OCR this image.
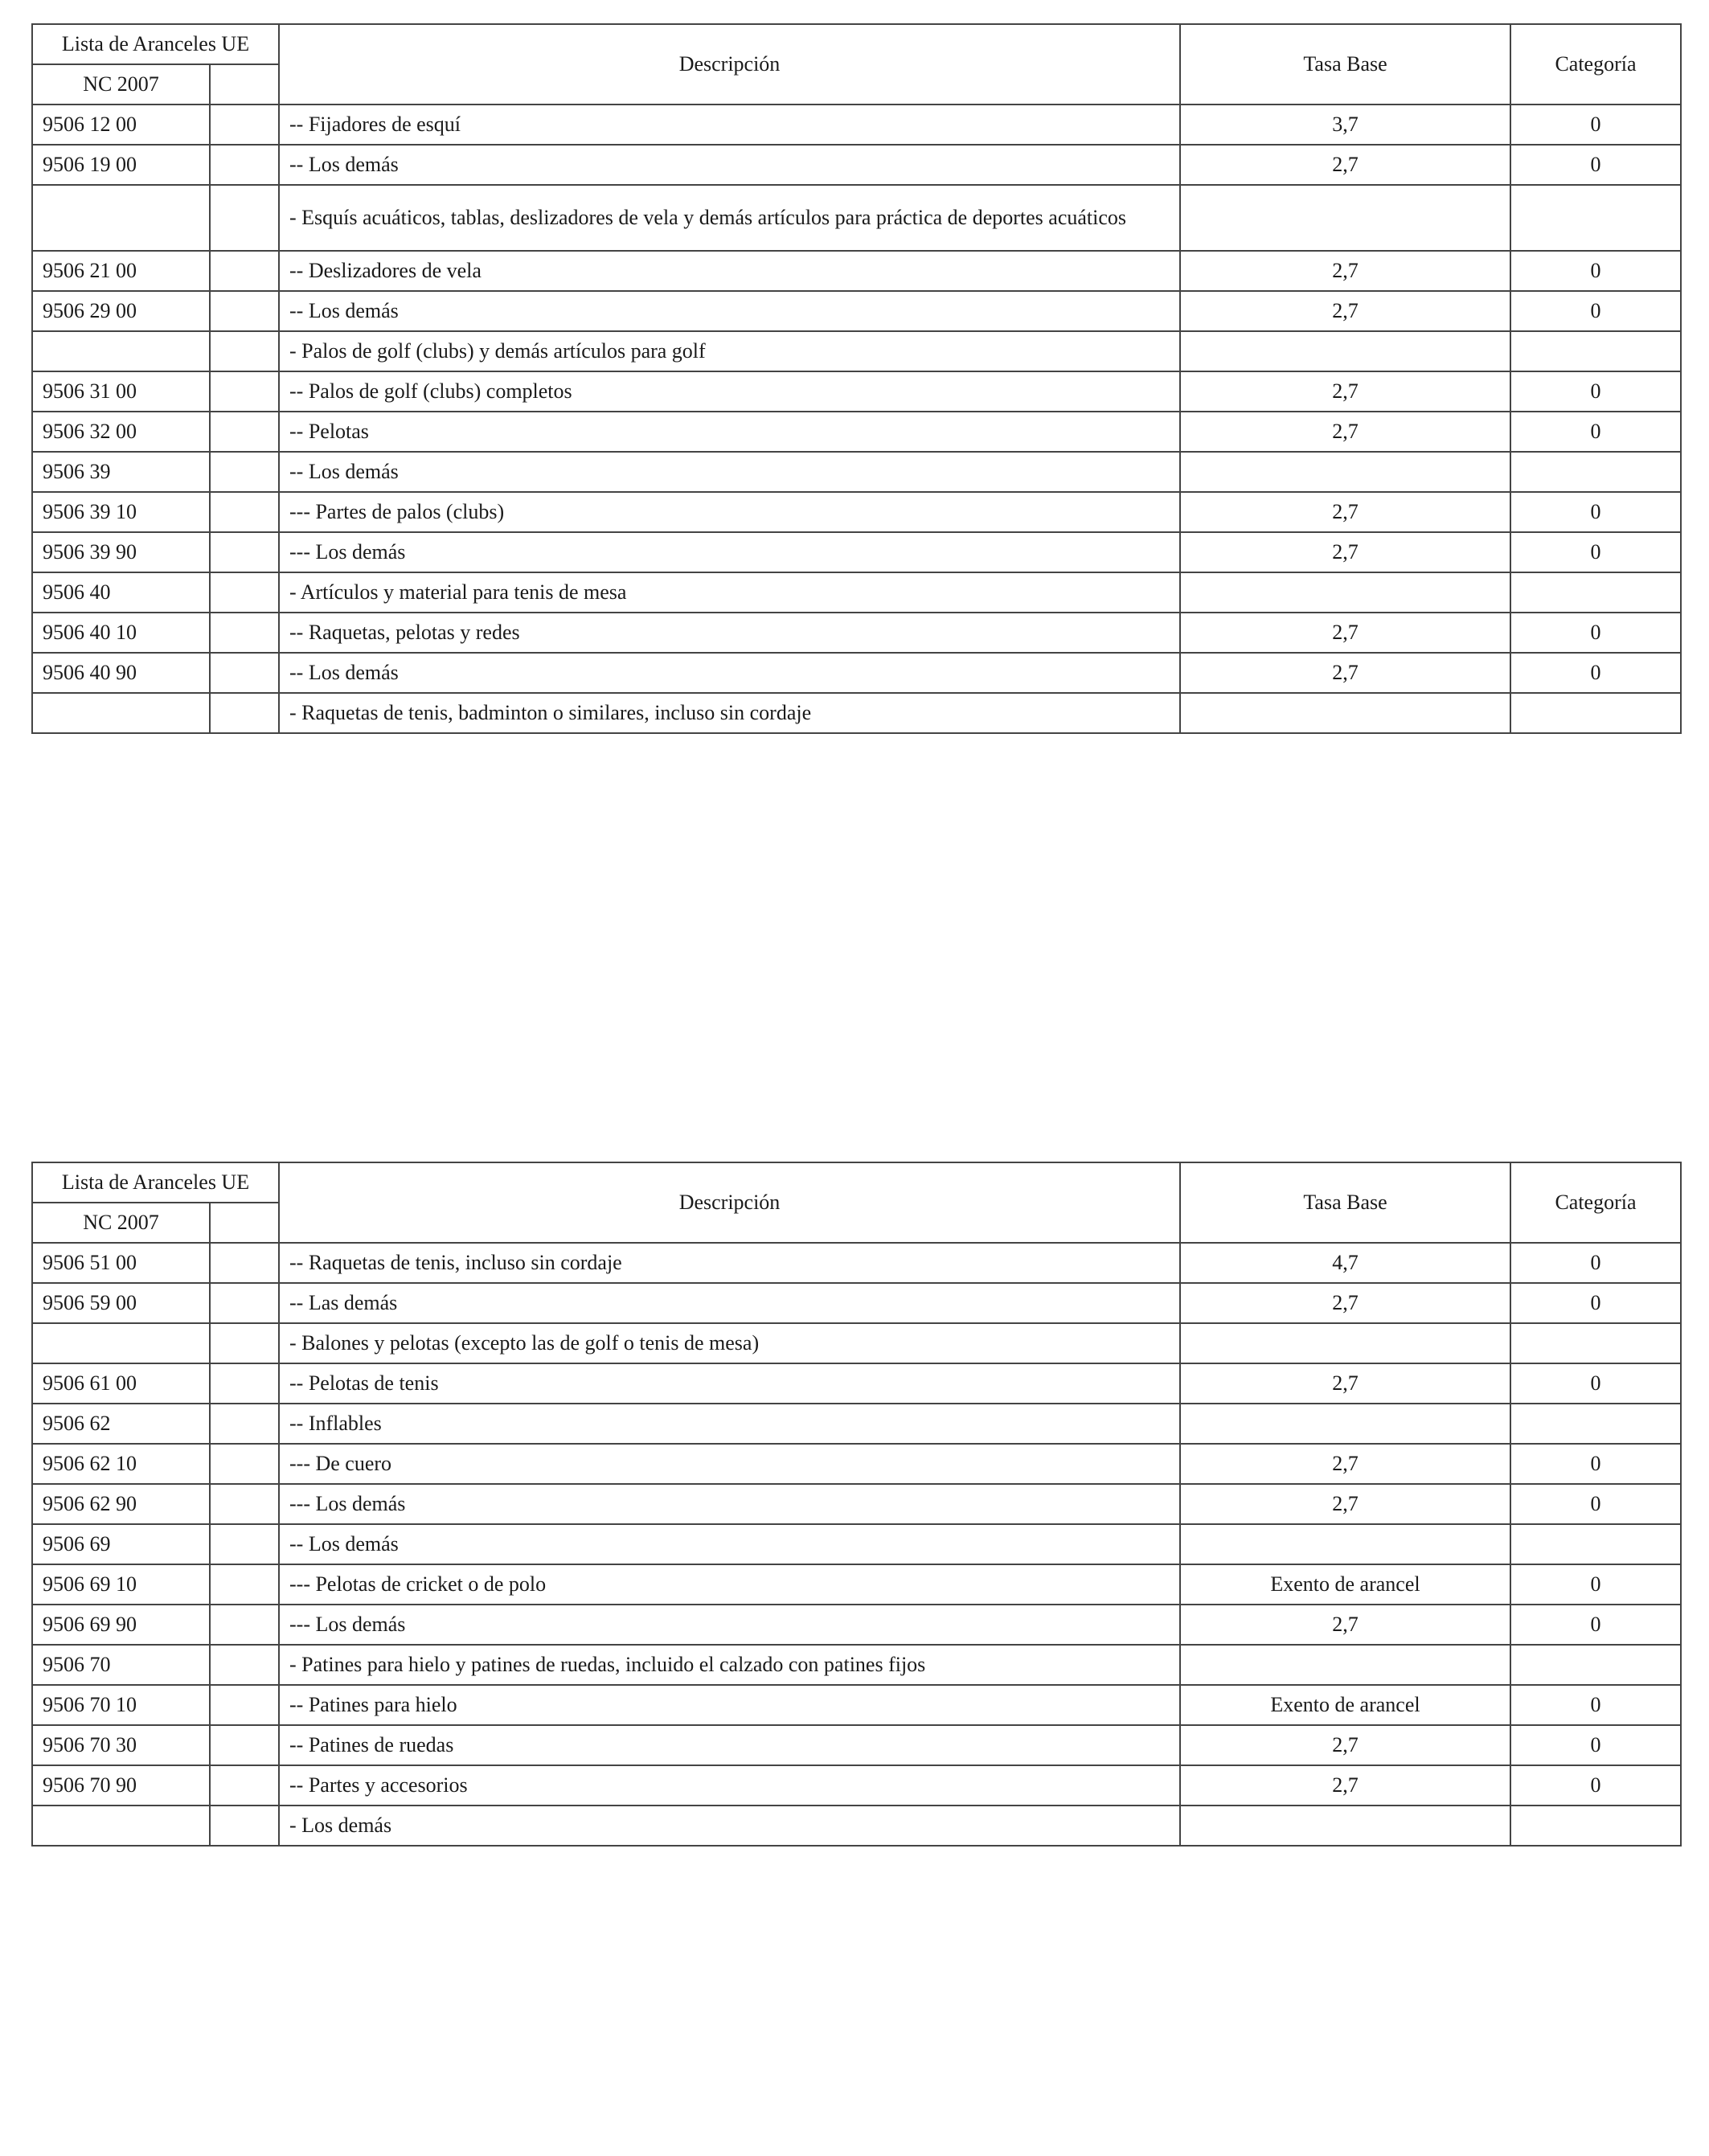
Lista de Aranceles UE		Descripción	Tasa Base	Categoría
NC 2007				
9506 12 00		-- Fijadores de esquí	3,7	0
9506 19 00		-- Los demás	2,7	0
		- Esquís acuáticos, tablas, deslizadores de vela y demás artículos para práctica de deportes acuáticos		
9506 21 00		-- Deslizadores de vela	2,7	0
9506 29 00		-- Los demás	2,7	0
		- Palos de golf (clubs) y demás artículos para golf		
9506 31 00		-- Palos de golf (clubs) completos	2,7	0
9506 32 00		-- Pelotas	2,7	0
9506 39		-- Los demás		
9506 39 10		--- Partes de palos (clubs)	2,7	0
9506 39 90		--- Los demás	2,7	0
9506 40		- Artículos y material para tenis de mesa		
9506 40 10		-- Raquetas, pelotas y redes	2,7	0
9506 40 90		-- Los demás	2,7	0
		- Raquetas de tenis, badminton o similares, incluso sin cordaje		
Lista de Aranceles UE		Descripción	Tasa Base	Categoría
NC 2007				
9506 51 00		-- Raquetas de tenis, incluso sin cordaje	4,7	0
9506 59 00		-- Las demás	2,7	0
		- Balones y pelotas (excepto las de golf o tenis de mesa)		
9506 61 00		-- Pelotas de tenis	2,7	0
9506 62		-- Inflables		
9506 62 10		--- De cuero	2,7	0
9506 62 90		--- Los demás	2,7	0
9506 69		-- Los demás		
9506 69 10		--- Pelotas de cricket o de polo	Exento de arancel	0
9506 69 90		--- Los demás	2,7	0
9506 70		- Patines para hielo y patines de ruedas, incluido el calzado con patines fijos		
9506 70 10		-- Patines para hielo	Exento de arancel	0
9506 70 30		-- Patines de ruedas	2,7	0
9506 70 90		-- Partes y accesorios	2,7	0
		- Los demás		
